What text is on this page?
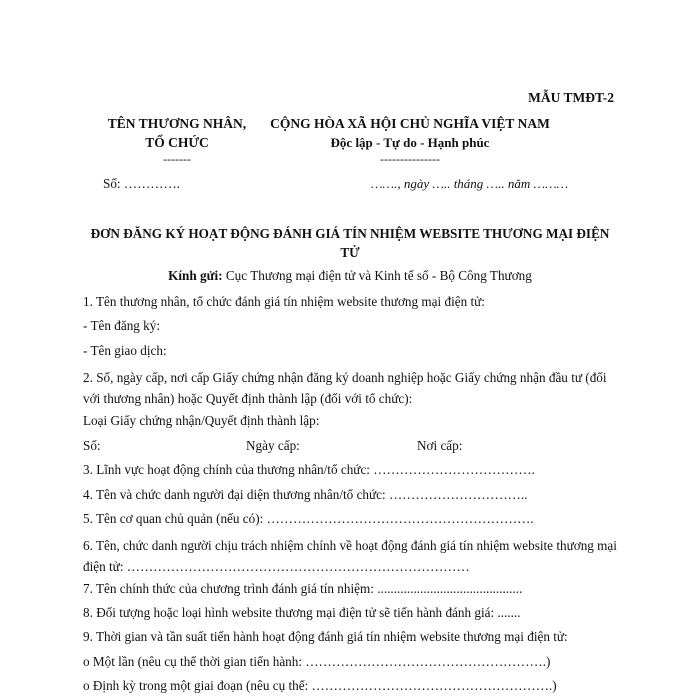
MẪU TMĐT-2
TÊN THƯƠNG NHÂN,
TỔ CHỨC
-------
CỘNG HÒA XÃ HỘI CHỦ NGHĨA VIỆT NAM
Độc lập - Tự do - Hạnh phúc
---------------
Số: ………….	……., ngày ….. tháng ….. năm ………
ĐƠN ĐĂNG KÝ HOẠT ĐỘNG ĐÁNH GIÁ TÍN NHIỆM WEBSITE THƯƠNG MẠI ĐIỆN TỬ
Kính gửi: Cục Thương mại điện tử và Kinh tế số - Bộ Công Thương
1. Tên thương nhân, tổ chức đánh giá tín nhiệm website thương mại điện tử:
- Tên đăng ký:
- Tên giao dịch:
2. Số, ngày cấp, nơi cấp Giấy chứng nhận đăng ký doanh nghiệp hoặc Giấy chứng nhận đầu tư (đối với thương nhân) hoặc Quyết định thành lập (đối với tổ chức):
Loại Giấy chứng nhận/Quyết định thành lập:
Số:	Ngày cấp:	Nơi cấp:
3. Lĩnh vực hoạt động chính của thương nhân/tổ chức: ……………………………….
4. Tên và chức danh người đại diện thương nhân/tổ chức: …………………………..
5. Tên cơ quan chủ quản (nếu có): …………………………………………………….
6. Tên, chức danh người chịu trách nhiệm chính về hoạt động đánh giá tín nhiệm website thương mại điện tử: ……………………………………………………………………
7. Tên chính thức của chương trình đánh giá tín nhiệm: ............................................
8. Đối tượng hoặc loại hình website thương mại điện tử sẽ tiến hành đánh giá: .......
9. Thời gian và tần suất tiến hành hoạt động đánh giá tín nhiệm website thương mại điện tử:
o Một lần (nêu cụ thể thời gian tiến hành: ……………………………………………….)
o Định kỳ trong một giai đoạn (nêu cụ thể: ……………………………………………….)
